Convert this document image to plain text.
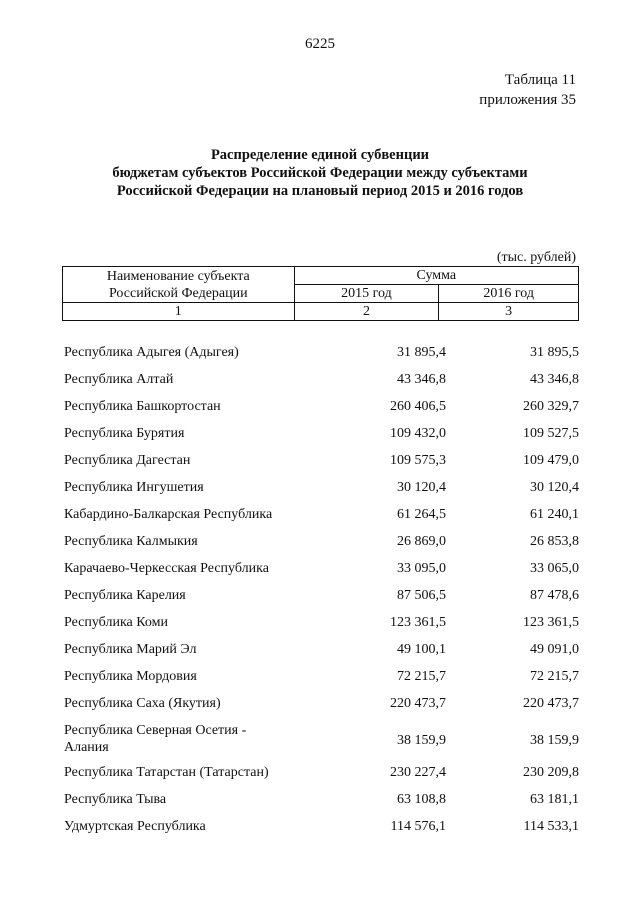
6225
Таблица 11
приложения 35
Распределение единой субвенции
бюджетам субъектов Российской Федерации между субъектами
Российской Федерации на плановый период 2015 и 2016 годов
(тыс. рублей)
Наименование субъекта
Российской Федерации	Сумма	
	2015 год	2016 год
1	2	3
Республика Адыгея (Адыгея)	31 895,4	31 895,5
Республика Алтай	43 346,8	43 346,8
Республика Башкортостан	260 406,5	260 329,7
Республика Бурятия	109 432,0	109 527,5
Республика Дагестан	109 575,3	109 479,0
Республика Ингушетия	30 120,4	30 120,4
Кабардино-Балкарская Республика	61 264,5	61 240,1
Республика Калмыкия	26 869,0	26 853,8
Карачаево-Черкесская Республика	33 095,0	33 065,0
Республика Карелия	87 506,5	87 478,6
Республика Коми	123 361,5	123 361,5
Республика Марий Эл	49 100,1	49 091,0
Республика Мордовия	72 215,7	72 215,7
Республика Саха (Якутия)	220 473,7	220 473,7
Республика Северная Осетия -
Алания	38 159,9	38 159,9
Республика Татарстан (Татарстан)	230 227,4	230 209,8
Республика Тыва	63 108,8	63 181,1
Удмуртская Республика	114 576,1	114 533,1
